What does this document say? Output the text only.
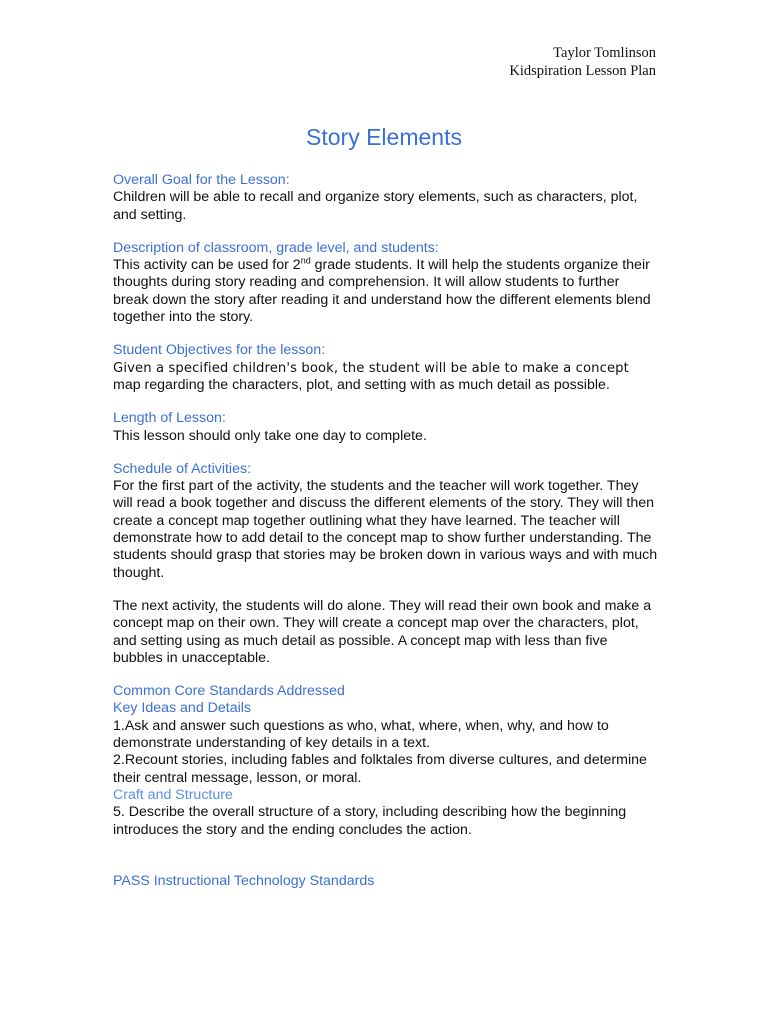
Taylor Tomlinson
Kidspiration Lesson Plan
Story Elements

Overall Goal for the Lesson:

Children will be able to recall and organize story elements, such as characters, plot, and setting.

Description of classroom, grade level, and students:

This activity can be used for 2nd grade students. It will help the students organize their thoughts during story reading and comprehension. It will allow students to further break down the story after reading it and understand how the different elements blend together into the story.

Student Objectives for the lesson:

Given a specified children's book, the student will be able to make a concept

map regarding the characters, plot, and setting with as much detail as possible.

Length of Lesson:

This lesson should only take one day to complete.

Schedule of Activities:

For the first part of the activity, the students and the teacher will work together. They will read a book together and discuss the different elements of the story. They will then create a concept map together outlining what they have learned. The teacher will demonstrate how to add detail to the concept map to show further understanding. The students should grasp that stories may be broken down in various ways and with much thought.

The next activity, the students will do alone. They will read their own book and make a concept map on their own. They will create a concept map over the characters, plot, and setting using as much detail as possible. A concept map with less than five bubbles in unacceptable.

Common Core Standards Addressed

Key Ideas and Details

1.Ask and answer such questions as who, what, where, when, why, and how to demonstrate understanding of key details in a text.

2.Recount stories, including fables and folktales from diverse cultures, and determine their central message, lesson, or moral.

Craft and Structure

5. Describe the overall structure of a story, including describing how the beginning introduces the story and the ending concludes the action.

PASS Instructional Technology Standards
